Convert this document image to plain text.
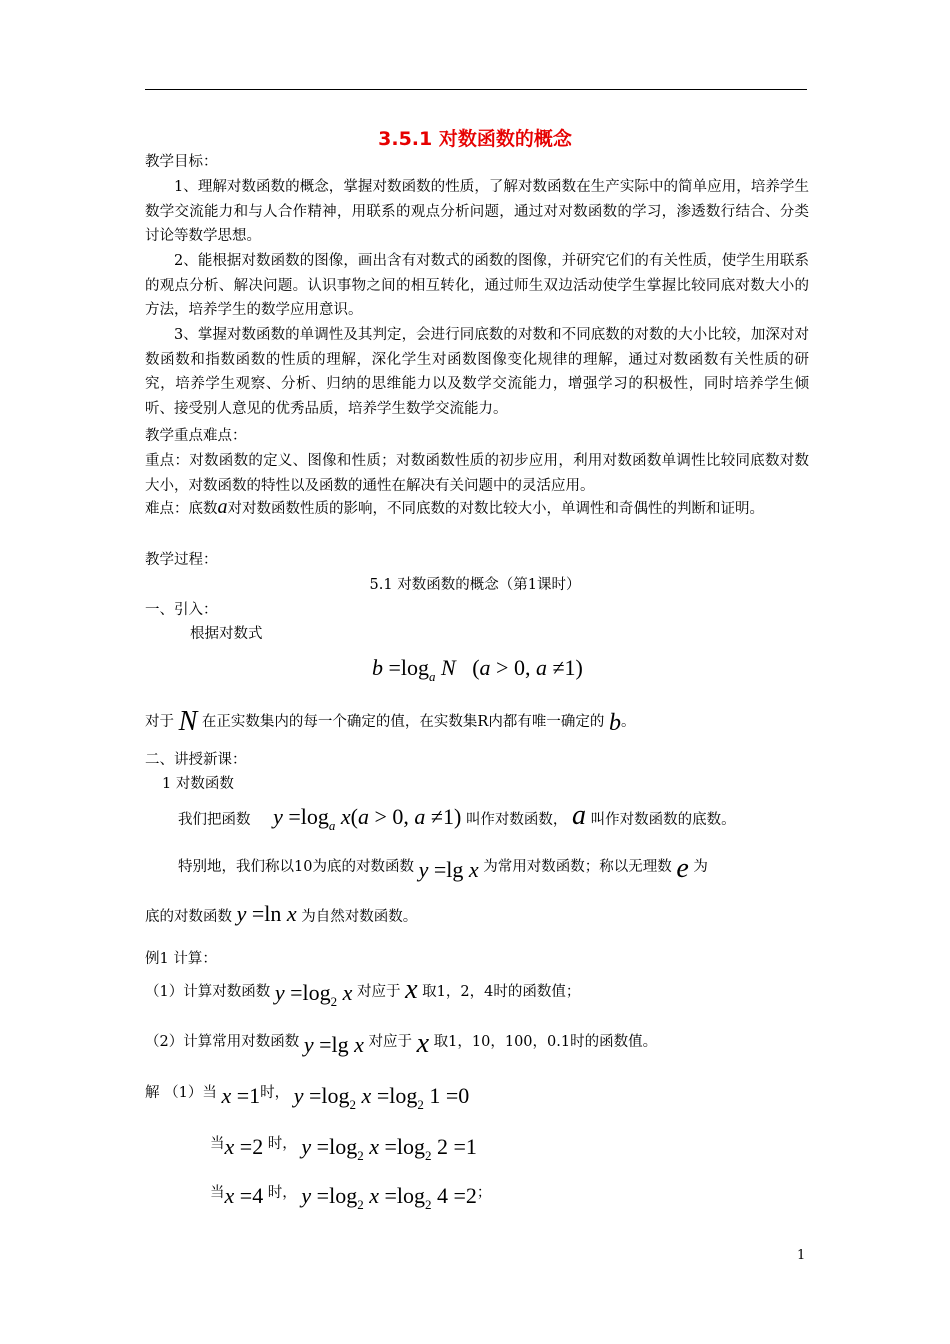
3.5.1 对数函数的概念
教学目标：
1、理解对数函数的概念，掌握对数函数的性质，了解对数函数在生产实际中的简单应用，培养学生数学交流能力和与人合作精神，用联系的观点分析问题，通过对对数函数的学习，渗透数行结合、分类讨论等数学思想。
2、能根据对数函数的图像，画出含有对数式的函数的图像，并研究它们的有关性质，使学生用联系的观点分析、解决问题。认识事物之间的相互转化，通过师生双边活动使学生掌握比较同底对数大小的方法，培养学生的数学应用意识。
3、掌握对数函数的单调性及其判定，会进行同底数的对数和不同底数的对数的大小比较，加深对对数函数和指数函数的性质的理解，深化学生对函数图像变化规律的理解，通过对数函数有关性质的研究，培养学生观察、分析、归纳的思维能力以及数学交流能力，增强学习的积极性，同时培养学生倾听、接受别人意见的优秀品质，培养学生数学交流能力。
教学重点难点：
重点：对数函数的定义、图像和性质；对数函数性质的初步应用，利用对数函数单调性比较同底数对数大小，对数函数的特性以及函数的通性在解决有关问题中的灵活应用。
难点：底数a对对数函数性质的影响，不同底数的对数比较大小，单调性和奇偶性的判断和证明。
教学过程：
5.1 对数函数的概念（第1课时）
一、引入：
根据对数式
$b =\log_a$ N   (a > 0, a ≠1)
对于 N 在正实数集内的每一个确定的值，在实数集R内都有唯一确定的 b。
二、讲授新课：
1 对数函数
我们把函数 $y =\log_a$ x(a > 0, a ≠1) 叫作对数函数， a 叫作对数函数的底数。
特别地，我们称以10为底的对数函数 y =lg x 为常用对数函数；称以无理数 e 为
底的对数函数 y =ln x 为自然对数函数。
例1 计算：
（1）计算对数函数 $y =\log_2$ x 对应于 x 取1，2，4时的函数值；
（2）计算常用对数函数 y =lg x 对应于 x 取1，10，100，0.1时的函数值。
解 （1）当 x =1时， $y =\log_2$ $x =\log_2$ 1 =0
当x =2 时， $y =\log_2$ $x =\log_2$ 2 =1
当x =4 时， $y =\log_2$ $x =\log_2$ 4 =2；
1
